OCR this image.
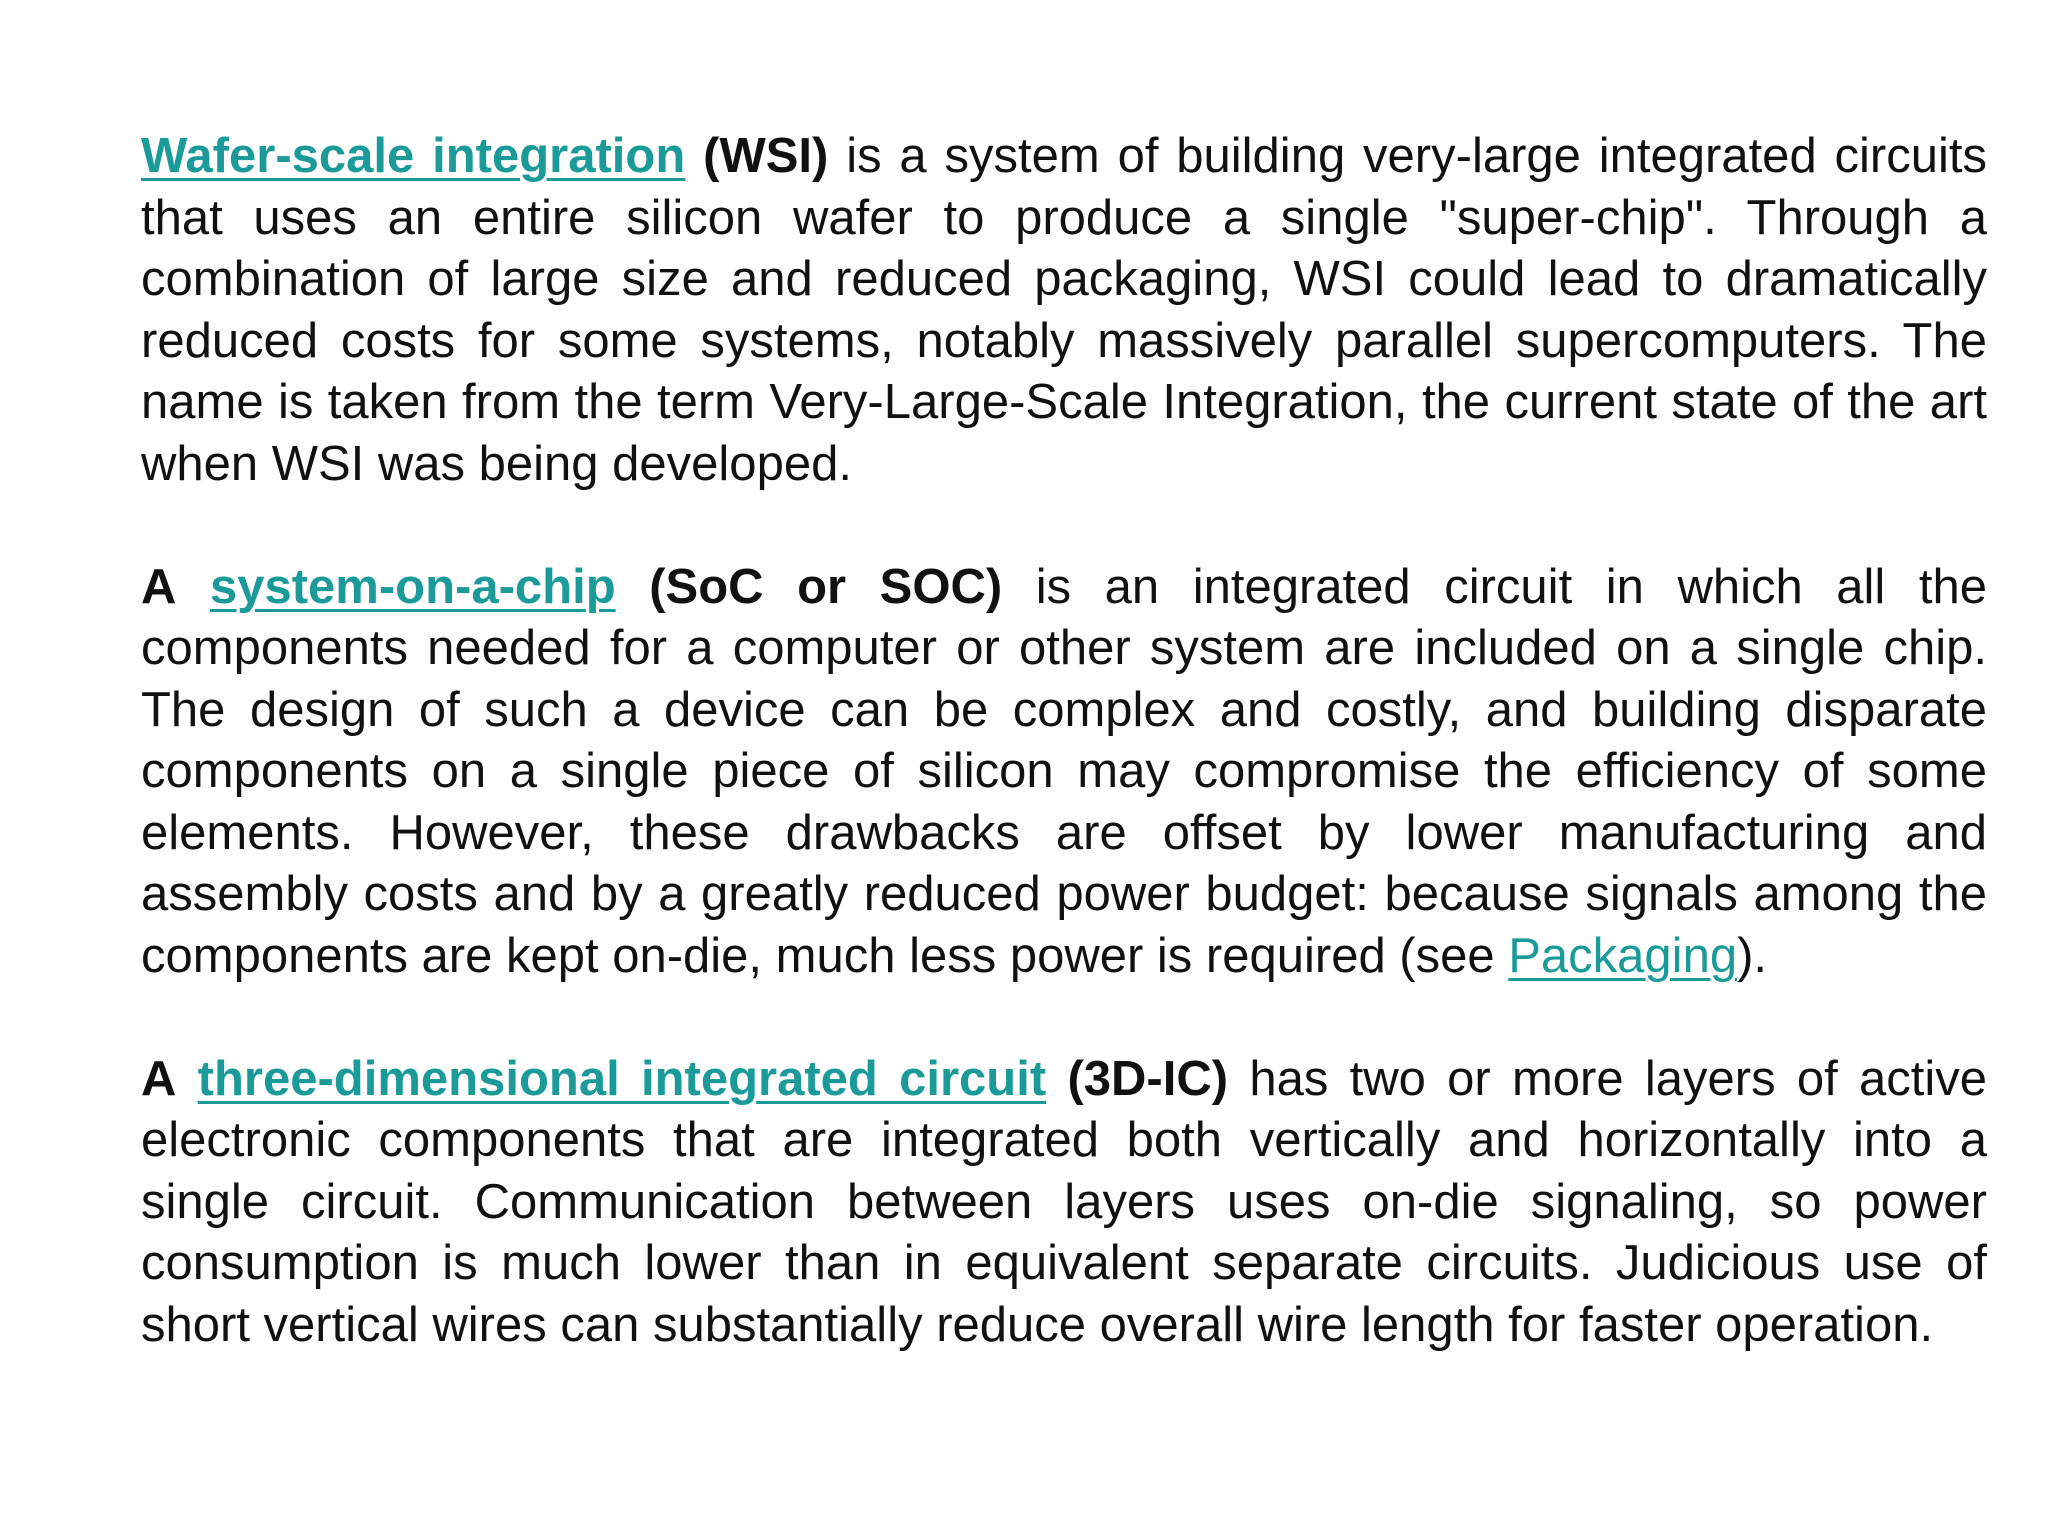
Wafer-scale integration (WSI) is a system of building very-large integrated circuits that uses an entire silicon wafer to produce a single "super-chip". Through a combination of large size and reduced packaging, WSI could lead to dramatically reduced costs for some systems, notably massively parallel supercomputers. The name is taken from the term Very-Large-Scale Integration, the current state of the art when WSI was being developed.

A system-on-a-chip (SoC or SOC) is an integrated circuit in which all the components needed for a computer or other system are included on a single chip. The design of such a device can be complex and costly, and building disparate components on a single piece of silicon may compromise the efficiency of some elements. However, these drawbacks are offset by lower manufacturing and assembly costs and by a greatly reduced power budget: because signals among the components are kept on-die, much less power is required (see Packaging).

A three-dimensional integrated circuit (3D-IC) has two or more layers of active electronic components that are integrated both vertically and horizontally into a single circuit. Communication between layers uses on-die signaling, so power consumption is much lower than in equivalent separate circuits. Judicious use of short vertical wires can substantially reduce overall wire length for faster operation.
